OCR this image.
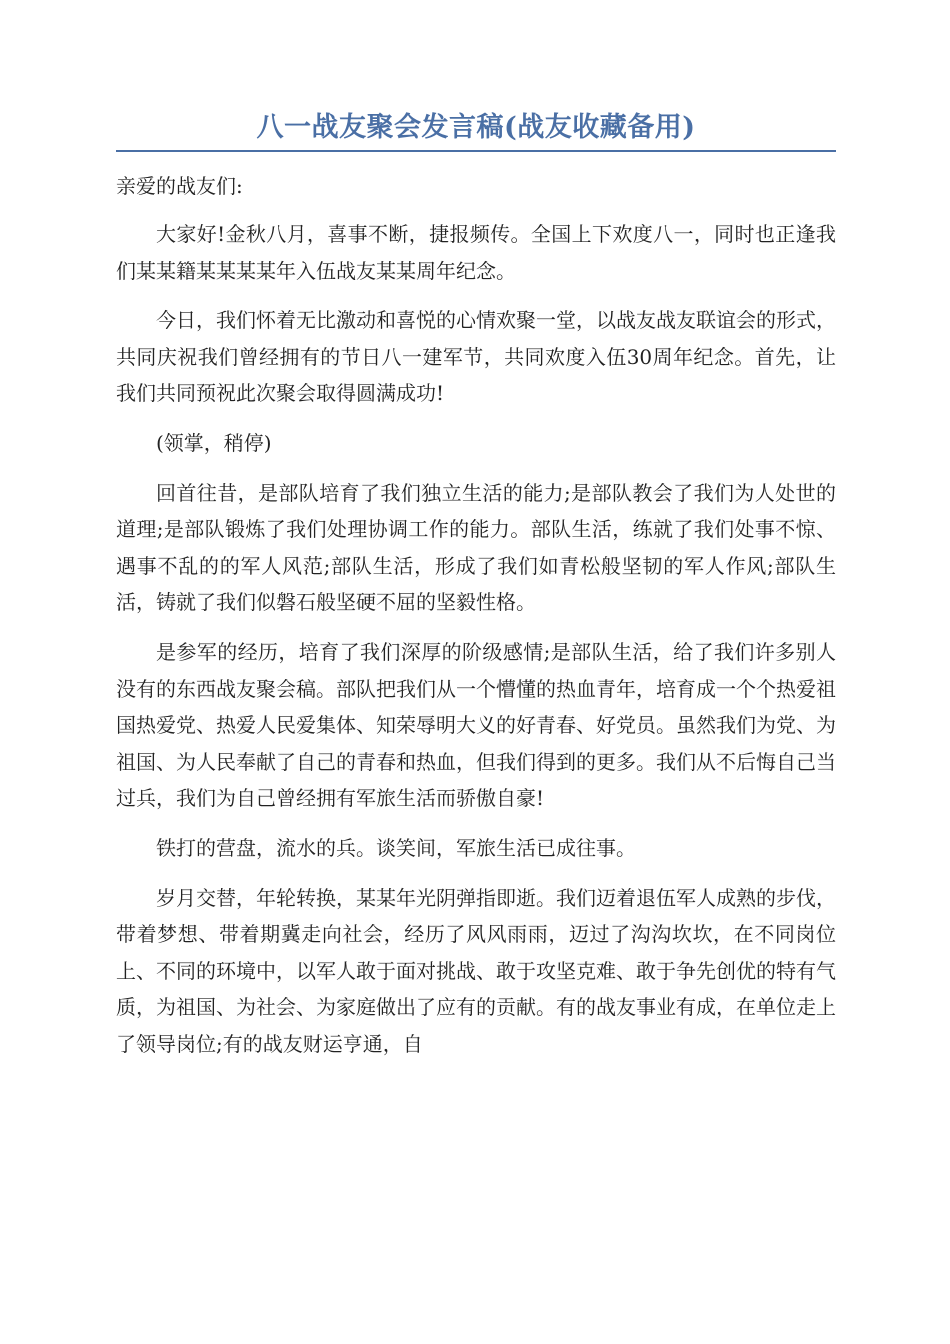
八一战友聚会发言稿(战友收藏备用)

亲爱的战友们:

大家好!金秋八月，喜事不断，捷报频传。全国上下欢度八一，同时也正逢我们某某籍某某某某年入伍战友某某周年纪念。

今日，我们怀着无比激动和喜悦的心情欢聚一堂，以战友战友联谊会的形式，共同庆祝我们曾经拥有的节日八一建军节，共同欢度入伍30周年纪念。首先，让我们共同预祝此次聚会取得圆满成功!

(领掌，稍停)

回首往昔，是部队培育了我们独立生活的能力;是部队教会了我们为人处世的道理;是部队锻炼了我们处理协调工作的能力。部队生活，练就了我们处事不惊、遇事不乱的的军人风范;部队生活，形成了我们如青松般坚韧的军人作风;部队生活，铸就了我们似磐石般坚硬不屈的坚毅性格。

是参军的经历，培育了我们深厚的阶级感情;是部队生活，给了我们许多别人没有的东西战友聚会稿。部队把我们从一个懵懂的热血青年，培育成一个个热爱祖国热爱党、热爱人民爱集体、知荣辱明大义的好青春、好党员。虽然我们为党、为祖国、为人民奉献了自己的青春和热血，但我们得到的更多。我们从不后悔自己当过兵，我们为自己曾经拥有军旅生活而骄傲自豪!

铁打的营盘，流水的兵。谈笑间，军旅生活已成往事。

岁月交替，年轮转换，某某年光阴弹指即逝。我们迈着退伍军人成熟的步伐，带着梦想、带着期冀走向社会，经历了风风雨雨，迈过了沟沟坎坎，在不同岗位上、不同的环境中，以军人敢于面对挑战、敢于攻坚克难、敢于争先创优的特有气质，为祖国、为社会、为家庭做出了应有的贡献。有的战友事业有成，在单位走上了领导岗位;有的战友财运亨通，自
